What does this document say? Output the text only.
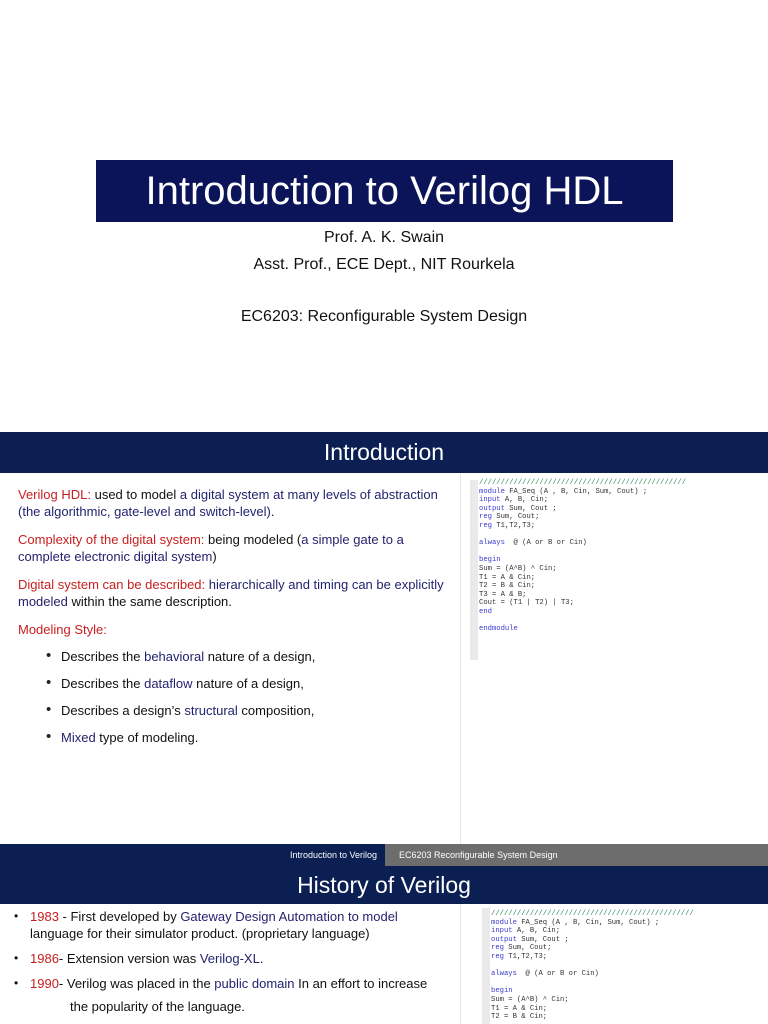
Introduction to Verilog HDL
Prof. A. K. Swain
Asst. Prof., ECE Dept., NIT Rourkela
EC6203: Reconfigurable System Design
Introduction

Verilog HDL: used to model a digital system at many levels of abstraction (the algorithmic, gate-level and switch-level).

Complexity of the digital system: being modeled (a simple gate to a complete electronic digital system)

Digital system can be described: hierarchically and timing can be explicitly modeled within the same description.

Modeling Style:

• Describes the behavioral nature of a design,
• Describes the dataflow nature of a design,
• Describes a design’s structural composition,
• Mixed type of modeling.
////////////////////////////////////////////////
module FA_Seq (A , B, Cin, Sum, Cout) ;
input A, B, Cin;
output Sum, Cout ;
reg Sum, Cout;
reg T1,T2,T3;

always  @ (A or B or Cin)

begin
Sum = (A^B) ^ Cin;
T1 = A & Cin;
T2 = B & Cin;
T3 = A & B;
Cout = (T1 | T2) | T3;
end

endmodule
Introduction to Verilog	EC6203 Reconfigurable System Design
History of Verilog
• 1983 - First developed by Gateway Design Automation to model language for their simulator product. (proprietary language)
• 1986- Extension version was Verilog-XL.
• 1990- Verilog was placed in the public domain In an effort to increase
the popularity of the language.
///////////////////////////////////////////////
module FA_Seq (A , B, Cin, Sum, Cout) ;
input A, B, Cin;
output Sum, Cout ;
reg Sum, Cout;
reg T1,T2,T3;

always  @ (A or B or Cin)

begin
Sum = (A^B) ^ Cin;
T1 = A & Cin;
T2 = B & Cin;
